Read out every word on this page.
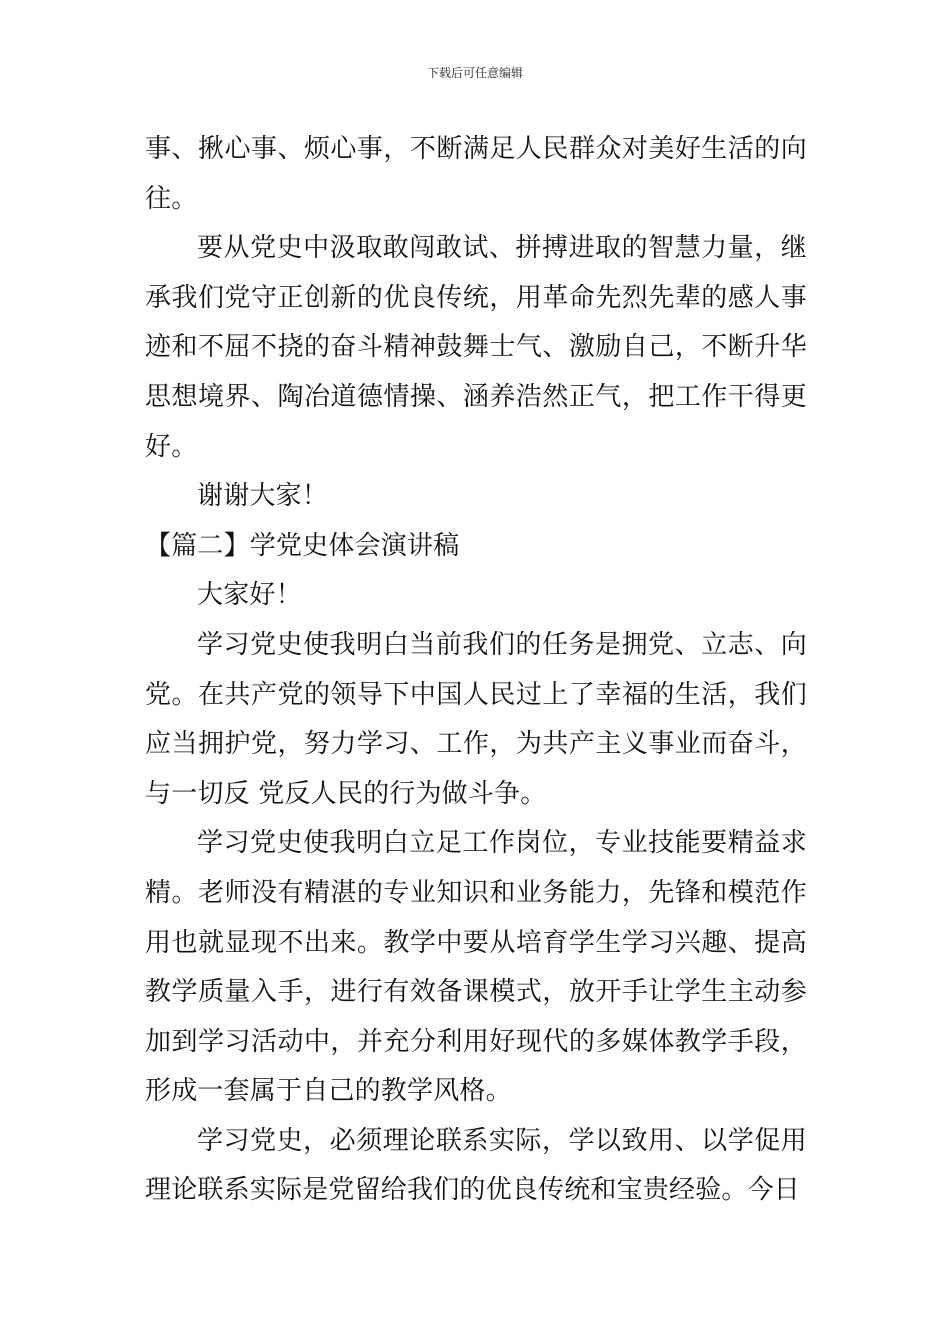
下载后可任意编辑

事、揪心事、烦心事，不断满足人民群众对美好生活的向往。

要从党史中汲取敢闯敢试、拼搏进取的智慧力量，继承我们党守正创新的优良传统，用革命先烈先辈的感人事迹和不屈不挠的奋斗精神鼓舞士气、激励自己，不断升华思想境界、陶冶道德情操、涵养浩然正气，把工作干得更好。

谢谢大家！

【篇二】学党史体会演讲稿

大家好！

学习党史使我明白当前我们的任务是拥党、立志、向党。在共产党的领导下中国人民过上了幸福的生活，我们应当拥护党，努力学习、工作，为共产主义事业而奋斗，与一切反 党反人民的行为做斗争。

学习党史使我明白立足工作岗位，专业技能要精益求精。老师没有精湛的专业知识和业务能力，先锋和模范作用也就显现不出来。教学中要从培育学生学习兴趣、提高教学质量入手，进行有效备课模式，放开手让学生主动参加到学习活动中，并充分利用好现代的多媒体教学手段，形成一套属于自己的教学风格。

学习党史，必须理论联系实际，学以致用、以学促用理论联系实际是党留给我们的优良传统和宝贵经验。今日
